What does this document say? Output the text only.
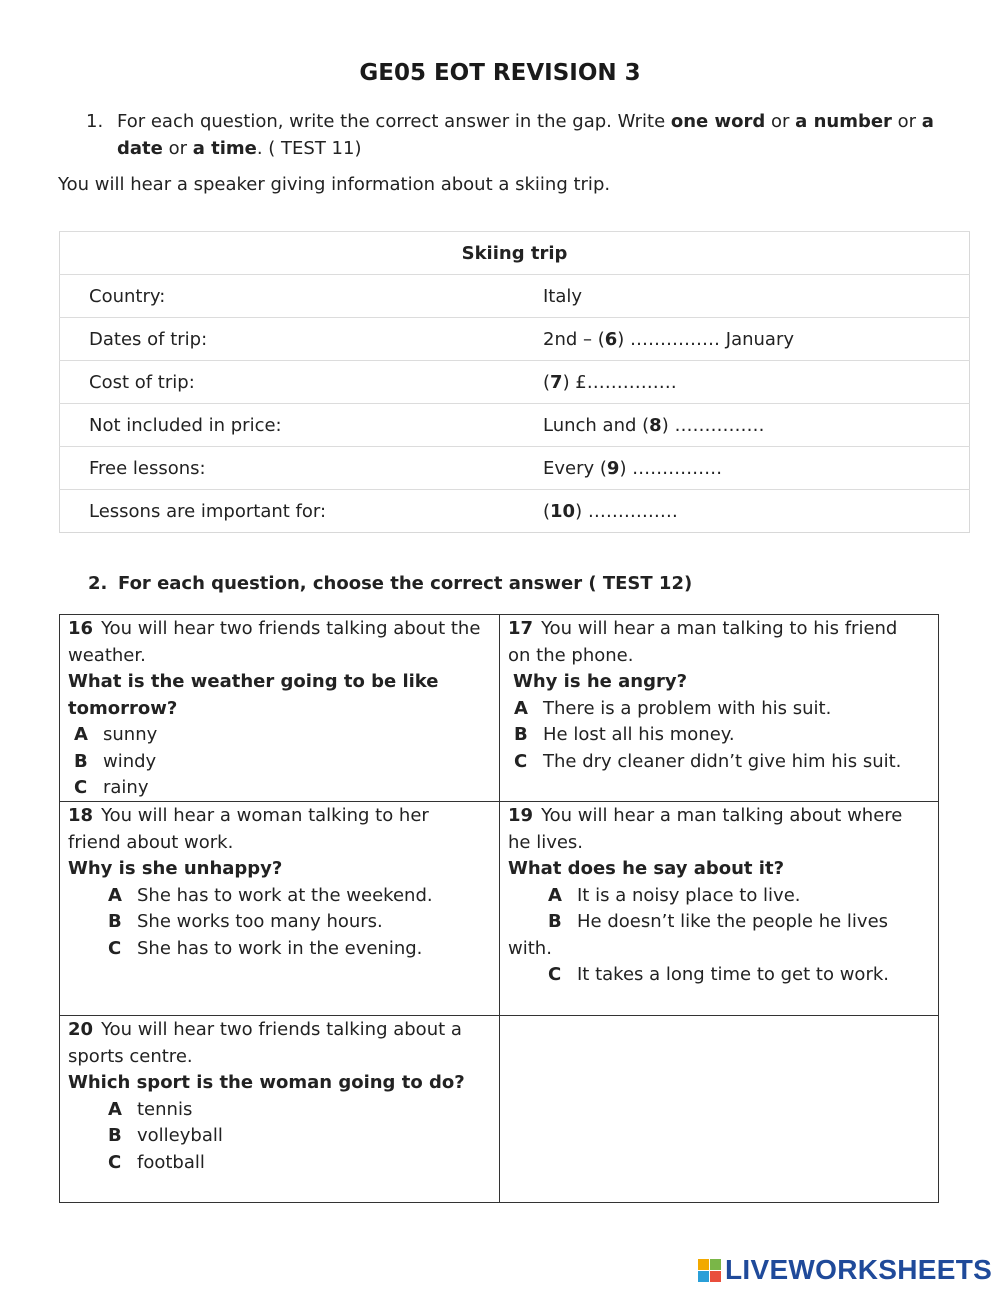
GE05 EOT REVISION 3
1. For each question, write the correct answer in the gap. Write one word or a number or a date or a time. ( TEST 11)
You will hear a speaker giving information about a skiing trip.
Skiing trip	
Country:	Italy
Dates of trip:	2nd – (6) …………… January
Cost of trip:	(7) £……………
Not included in price:	Lunch and (8) ……………
Free lessons:	Every (9) ……………
Lessons are important for:	(10) ……………
2. For each question, choose the correct answer ( TEST 12)
16 You will hear two friends talking about the
weather.
What is the weather going to be like
tomorrow?
A sunny
B windy
C rainy
17 You will hear a man talking to his friend
on the phone.
Why is he angry?
A There is a problem with his suit.
B He lost all his money.
C The dry cleaner didn’t give him his suit.
18 You will hear a woman talking to her
friend about work.
Why is she unhappy?
A She has to work at the weekend.
B She works too many hours.
C She has to work in the evening.
19 You will hear a man talking about where
he lives.
What does he say about it?
A It is a noisy place to live.
B He doesn’t like the people he lives
with.
C It takes a long time to get to work.
20 You will hear two friends talking about a
sports centre.
Which sport is the woman going to do?
A tennis
B volleyball
C football
LIVEWORKSHEETS
